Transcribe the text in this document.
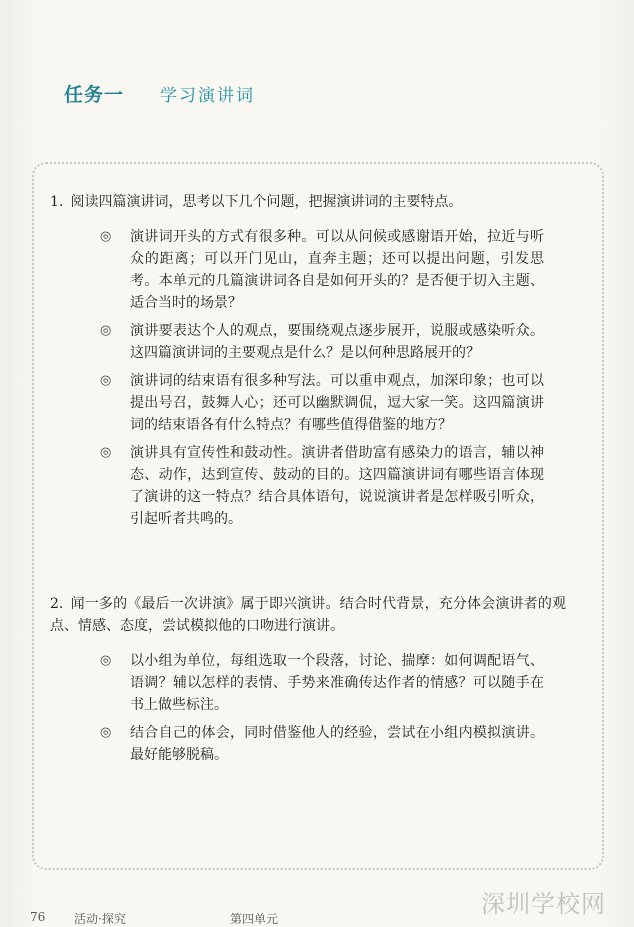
任务一 学习演讲词
1. 阅读四篇演讲词，思考以下几个问题，把握演讲词的主要特点。
◎ 演讲词开头的方式有很多种。可以从问候或感谢语开始，拉近与听众的距离；可以开门见山，直奔主题；还可以提出问题，引发思考。本单元的几篇演讲词各自是如何开头的？是否便于切入主题、适合当时的场景？
◎ 演讲要表达个人的观点，要围绕观点逐步展开，说服或感染听众。这四篇演讲词的主要观点是什么？是以何种思路展开的？
◎ 演讲词的结束语有很多种写法。可以重申观点，加深印象；也可以提出号召，鼓舞人心；还可以幽默调侃，逗大家一笑。这四篇演讲词的结束语各有什么特点？有哪些值得借鉴的地方？
◎ 演讲具有宣传性和鼓动性。演讲者借助富有感染力的语言，辅以神态、动作，达到宣传、鼓动的目的。这四篇演讲词有哪些语言体现了演讲的这一特点？结合具体语句，说说演讲者是怎样吸引听众，引起听者共鸣的。
2. 闻一多的《最后一次讲演》属于即兴演讲。结合时代背景，充分体会演讲者的观点、情感、态度，尝试模拟他的口吻进行演讲。
◎ 以小组为单位，每组选取一个段落，讨论、揣摩：如何调配语气、语调？辅以怎样的表情、手势来准确传达作者的情感？可以随手在书上做些标注。
◎ 结合自己的体会，同时借鉴他人的经验，尝试在小组内模拟演讲。最好能够脱稿。
76 活动·探究	第四单元
深圳学校网
